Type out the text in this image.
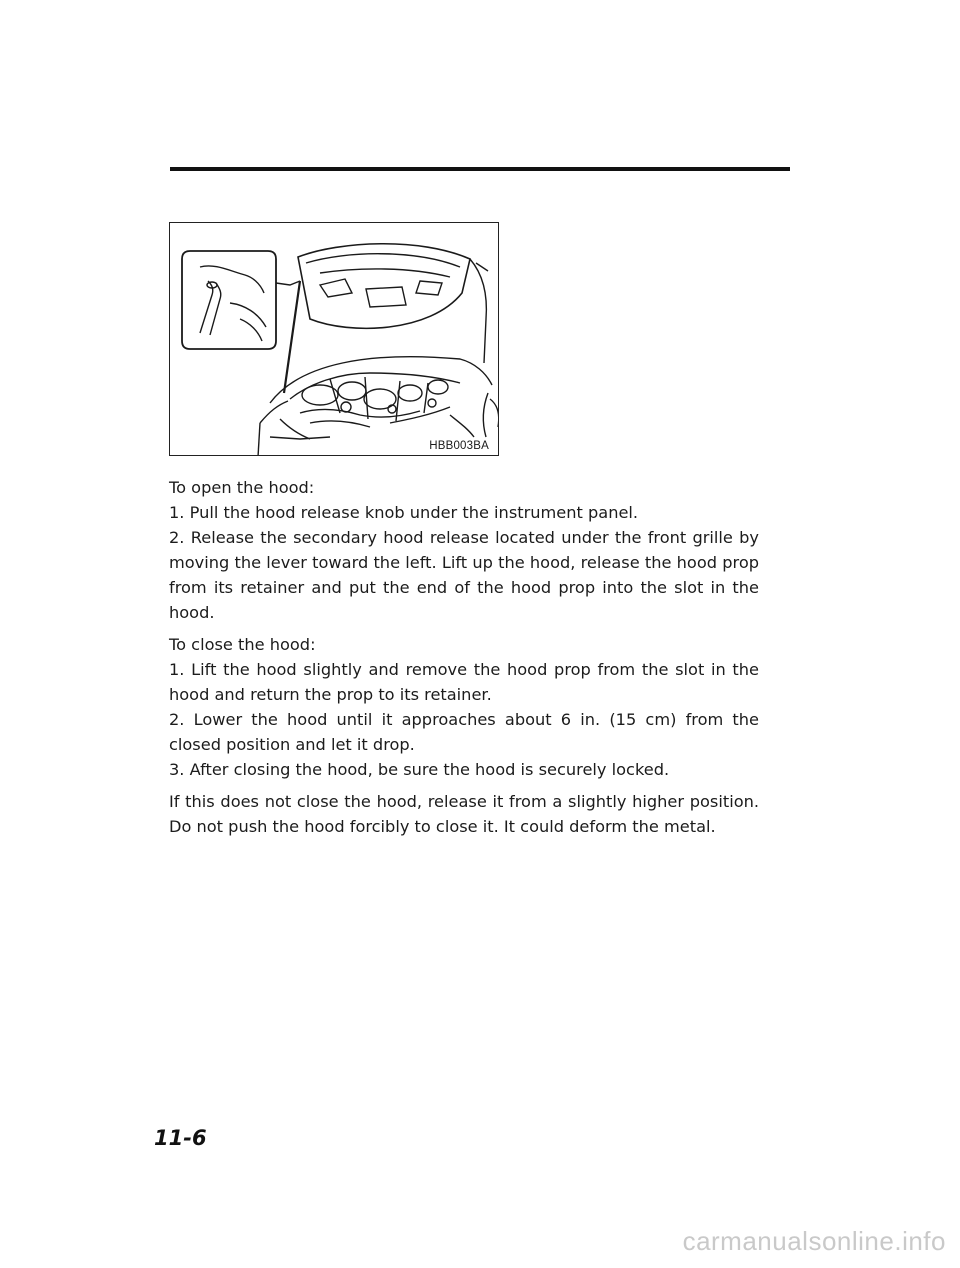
HBB003BA

To open the hood:

1. Pull the hood release knob under the instrument panel.

2. Release the secondary hood release located under the front grille by moving the lever toward the left. Lift up the hood, release the hood prop from its retainer and put the end of the hood prop into the slot in the hood.

To close the hood:

1. Lift the hood slightly and remove the hood prop from the slot in the hood and return the prop to its retainer.

2. Lower the hood until it approaches about 6 in. (15 cm) from the closed position and let it drop.

3. After closing the hood, be sure the hood is securely locked.

If this does not close the hood, release it from a slightly higher position. Do not push the hood forcibly to close it. It could deform the metal.

11-6
carmanualsonline.info
